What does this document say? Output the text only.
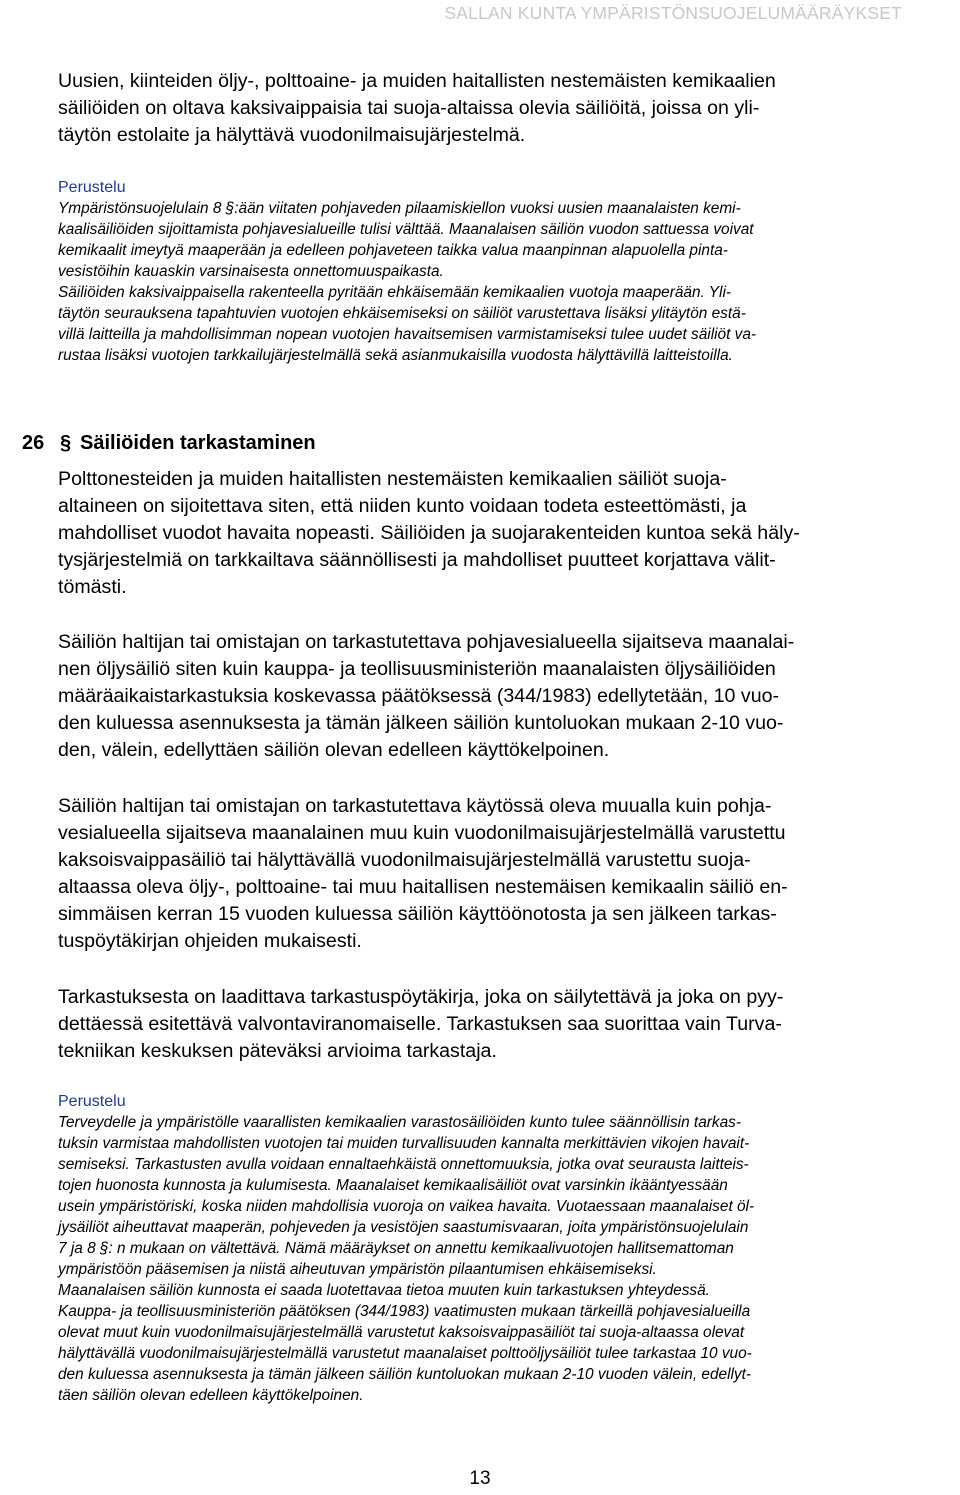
SALLAN KUNTA YMPÄRISTÖNSUOJELUMÄÄRÄYKSET
Uusien, kiinteiden öljy-, polttoaine- ja muiden haitallisten nestemäisten kemikaalien
säiliöiden on oltava kaksivaippaisia tai suoja-altaissa olevia säiliöitä, joissa on yli-
täytön estolaite ja hälyttävä vuodonilmaisujärjestelmä.
Perustelu
Ympäristönsuojelulain 8 §:ään viitaten pohjaveden pilaamiskiellon vuoksi uusien maanalaisten kemi-
kaalisäiliöiden sijoittamista pohjavesialueille tulisi välttää. Maanalaisen säiliön vuodon sattuessa voivat
kemikaalit imeytyä maaperään ja edelleen pohjaveteen taikka valua maanpinnan alapuolella pinta-
vesistöihin kauaskin varsinaisesta onnettomuuspaikasta.
Säiliöiden kaksivaippaisella rakenteella pyritään ehkäisemään kemikaalien vuotoja maaperään. Yli-
täytön seurauksena tapahtuvien vuotojen ehkäisemiseksi on säiliöt varustettava lisäksi ylitäytön estä-
villä laitteilla ja mahdollisimman nopean vuotojen havaitsemisen varmistamiseksi tulee uudet säiliöt va-
rustaa lisäksi vuotojen tarkkailujärjestelmällä sekä asianmukaisilla vuodosta hälyttävillä laitteistoilla.
26 § Säiliöiden tarkastaminen
Polttonesteiden ja muiden haitallisten nestemäisten kemikaalien säiliöt suoja-
altaineen on sijoitettava siten, että niiden kunto voidaan todeta esteettömästi, ja
mahdolliset vuodot havaita nopeasti. Säiliöiden ja suojarakenteiden kuntoa sekä häly-
tysjärjestelmiä on tarkkailtava säännöllisesti ja mahdolliset puutteet korjattava välit-
tömästi.
Säiliön haltijan tai omistajan on tarkastutettava pohjavesialueella sijaitseva maanalai-
nen öljysäiliö siten kuin kauppa- ja teollisuusministeriön maanalaisten öljysäiliöiden
määräaikaistarkastuksia koskevassa päätöksessä (344/1983) edellytetään, 10 vuo-
den kuluessa asennuksesta ja tämän jälkeen säiliön kuntoluokan mukaan 2-10 vuo-
den, välein, edellyttäen säiliön olevan edelleen käyttökelpoinen.
Säiliön haltijan tai omistajan on tarkastutettava käytössä oleva muualla kuin pohja-
vesialueella sijaitseva maanalainen muu kuin vuodonilmaisujärjestelmällä varustettu
kaksoisvaippasäiliö tai hälyttävällä vuodonilmaisujärjestelmällä varustettu suoja-
altaassa oleva öljy-, polttoaine- tai muu haitallisen nestemäisen kemikaalin säiliö en-
simmäisen kerran 15 vuoden kuluessa säiliön käyttöönotosta ja sen jälkeen tarkas-
tuspöytäkirjan ohjeiden mukaisesti.
Tarkastuksesta on laadittava tarkastuspöytäkirja, joka on säilytettävä ja joka on pyy-
dettäessä esitettävä valvontaviranomaiselle. Tarkastuksen saa suorittaa vain Turva-
tekniikan keskuksen päteväksi arvioima tarkastaja.
Perustelu
Terveydelle ja ympäristölle vaarallisten kemikaalien varastosäiliöiden kunto tulee säännöllisin tarkas-
tuksin varmistaa mahdollisten vuotojen tai muiden turvallisuuden kannalta merkittävien vikojen havait-
semiseksi. Tarkastusten avulla voidaan ennaltaehkäistä onnettomuuksia, jotka ovat seurausta laitteis-
tojen huonosta kunnosta ja kulumisesta. Maanalaiset kemikaalisäiliöt ovat varsinkin ikääntyessään
usein ympäristöriski, koska niiden mahdollisia vuoroja on vaikea havaita. Vuotaessaan maanalaiset öl-
jysäiliöt aiheuttavat maaperän, pohjeveden ja vesistöjen saastumisvaaran, joita ympäristönsuojelulain
7 ja 8 §: n mukaan on vältettävä. Nämä määräykset on annettu kemikaalivuotojen hallitsemattoman
ympäristöön pääsemisen ja niistä aiheutuvan ympäristön pilaantumisen ehkäisemiseksi.
Maanalaisen säiliön kunnosta ei saada luotettavaa tietoa muuten kuin tarkastuksen yhteydessä.
Kauppa- ja teollisuusministeriön päätöksen (344/1983) vaatimusten mukaan tärkeillä pohjavesialueilla
olevat muut kuin vuodonilmaisujärjestelmällä varustetut kaksoisvaippasäiliöt tai suoja-altaassa olevat
hälyttävällä vuodonilmaisujärjestelmällä varustetut maanalaiset polttoöljysäiliöt tulee tarkastaa 10 vuo-
den kuluessa asennuksesta ja tämän jälkeen säiliön kuntoluokan mukaan 2-10 vuoden välein, edellyt-
täen säiliön olevan edelleen käyttökelpoinen.
13
